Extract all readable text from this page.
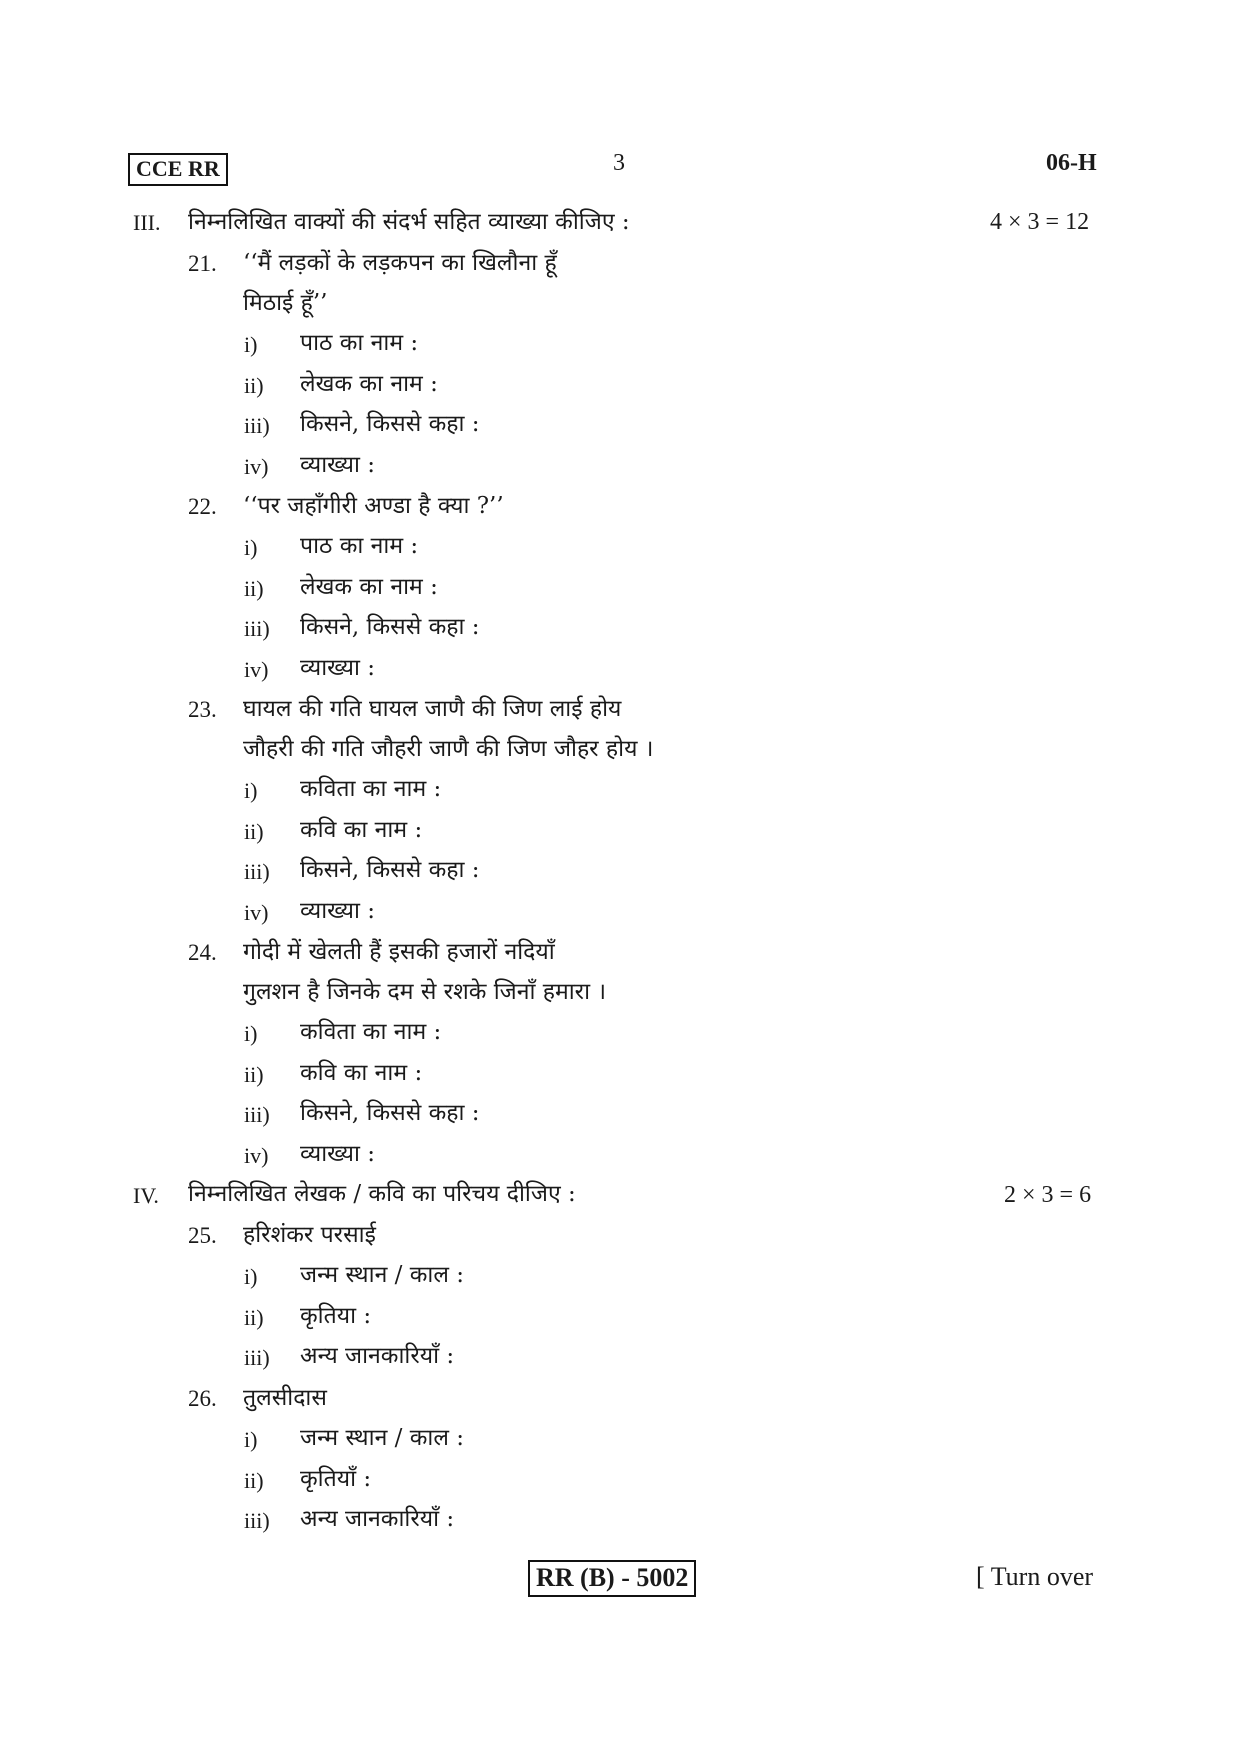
CCE RR	3	06-H
III. निम्नलिखित वाक्यों की संदर्भ सहित व्याख्या कीजिए :	4 × 3 = 12
21. ‘‘मैं लड़कों के लड़कपन का खिलौना हूँ
मिठाई हूँ’’
i) पाठ का नाम :
ii) लेखक का नाम :
iii) किसने, किससे कहा :
iv) व्याख्या :
22. ‘‘पर जहाँगीरी अण्डा है क्या ?’’
i) पाठ का नाम :
ii) लेखक का नाम :
iii) किसने, किससे कहा :
iv) व्याख्या :
23. घायल की गति घायल जाणै की जिण लाई होय
जौहरी की गति जौहरी जाणै की जिण जौहर होय ।
i) कविता का नाम :
ii) कवि का नाम :
iii) किसने, किससे कहा :
iv) व्याख्या :
24. गोदी में खेलती हैं इसकी हजारों नदियाँ
गुलशन है जिनके दम से रशके जिनाँ हमारा ।
i) कविता का नाम :
ii) कवि का नाम :
iii) किसने, किससे कहा :
iv) व्याख्या :
IV. निम्नलिखित लेखक / कवि का परिचय दीजिए :	2 × 3 = 6
25. हरिशंकर परसाई
i) जन्म स्थान / काल :
ii) कृतिया :
iii) अन्य जानकारियाँ :
26. तुलसीदास
i) जन्म स्थान / काल :
ii) कृतियाँ :
iii) अन्य जानकारियाँ :
RR (B) - 5002	[ Turn over
